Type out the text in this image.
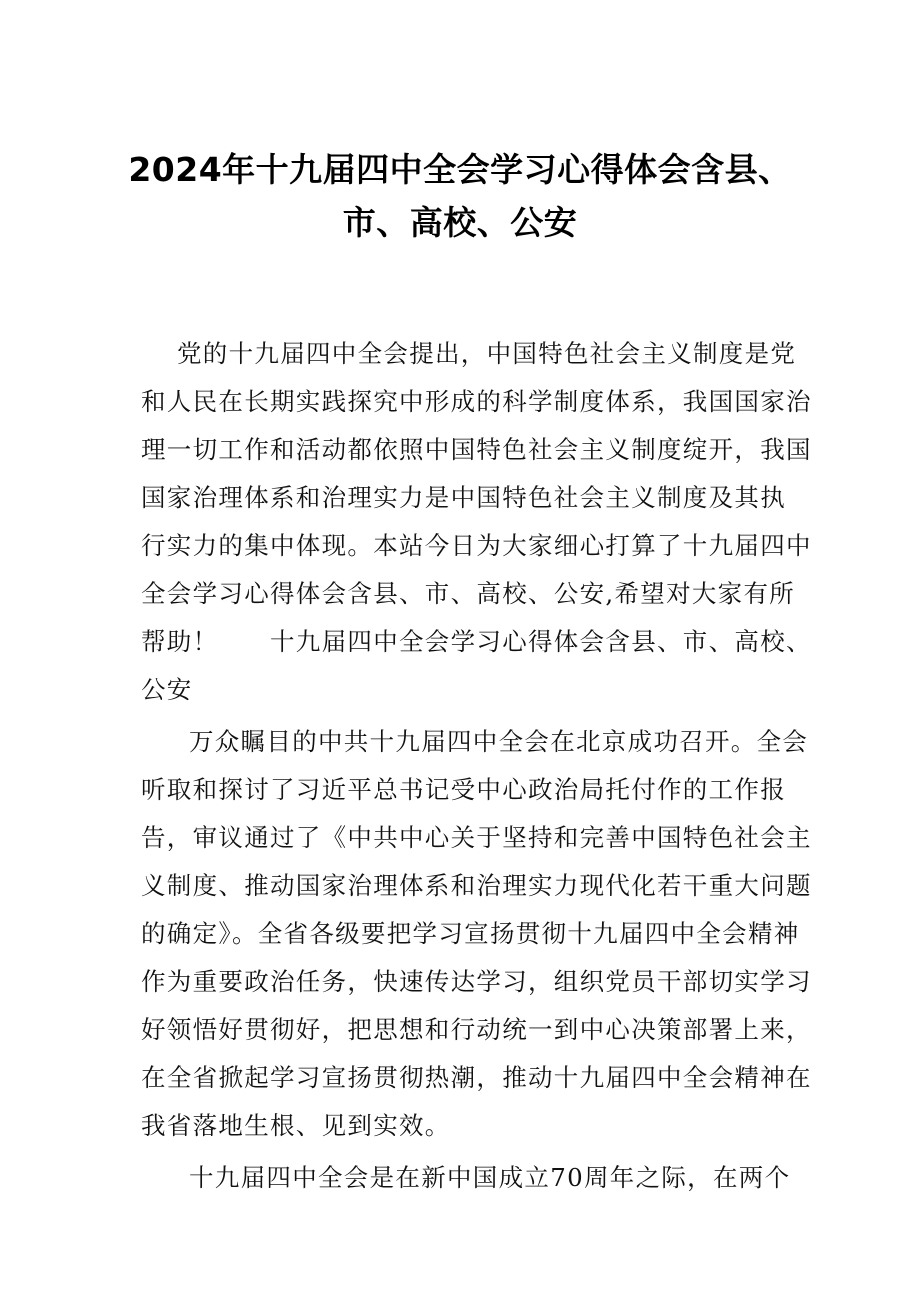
2024年十九届四中全会学习心得体会含县、
市、高校、公安
党的十九届四中全会提出，中国特色社会主义制度是党
和人民在长期实践探究中形成的科学制度体系，我国国家治
理一切工作和活动都依照中国特色社会主义制度绽开，我国
国家治理体系和治理实力是中国特色社会主义制度及其执
行实力的集中体现。本站今日为大家细心打算了十九届四中
全会学习心得体会含县、市、高校、公安,希望对大家有所
帮助！　　十九届四中全会学习心得体会含县、市、高校、
公安
万众瞩目的中共十九届四中全会在北京成功召开。全会
听取和探讨了习近平总书记受中心政治局托付作的工作报
告，审议通过了《中共中心关于坚持和完善中国特色社会主
义制度、推动国家治理体系和治理实力现代化若干重大问题
的确定》。全省各级要把学习宣扬贯彻十九届四中全会精神
作为重要政治任务，快速传达学习，组织党员干部切实学习
好领悟好贯彻好，把思想和行动统一到中心决策部署上来，
在全省掀起学习宣扬贯彻热潮，推动十九届四中全会精神在
我省落地生根、见到实效。
十九届四中全会是在新中国成立70周年之际，在两个
